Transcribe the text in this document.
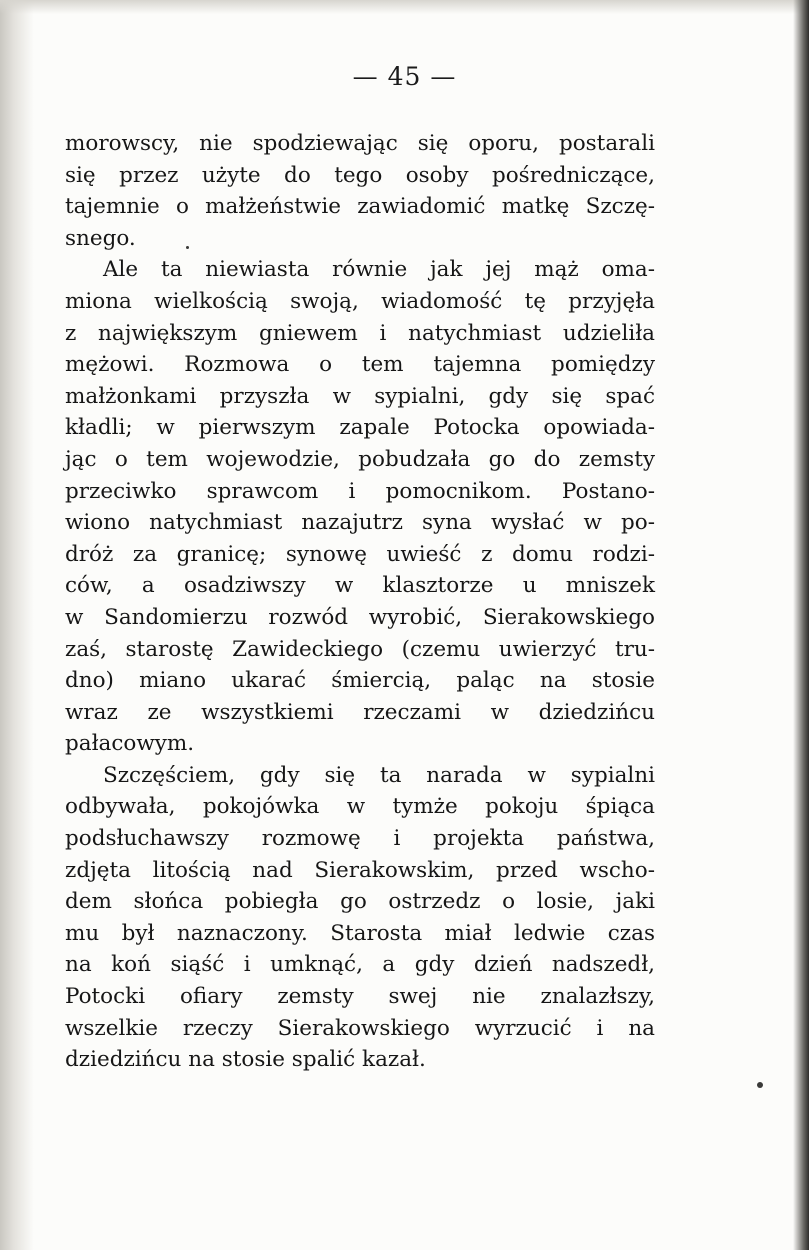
— 45 —
morowscy, nie spodziewając się oporu, postarali
się przez użyte do tego osoby pośredniczące,
tajemnie o małżeństwie zawiadomić matkę Szczę-
snego.
Ale ta niewiasta równie jak jej mąż oma-
miona wielkością swoją, wiadomość tę przyjęła
z największym gniewem i natychmiast udzieliła
mężowi. Rozmowa o tem tajemna pomiędzy
małżonkami przyszła w sypialni, gdy się spać
kładli; w pierwszym zapale Potocka opowiada-
jąc o tem wojewodzie, pobudzała go do zemsty
przeciwko sprawcom i pomocnikom. Postano-
wiono natychmiast nazajutrz syna wysłać w po-
dróż za granicę; synowę uwieść z domu rodzi-
ców, a osadziwszy w klasztorze u mniszek
w Sandomierzu rozwód wyrobić, Sierakowskiego
zaś, starostę Zawideckiego (czemu uwierzyć tru-
dno) miano ukarać śmiercią, paląc na stosie
wraz ze wszystkiemi rzeczami w dziedzińcu
pałacowym.
Szczęściem, gdy się ta narada w sypialni
odbywała, pokojówka w tymże pokoju śpiąca
podsłuchawszy rozmowę i projekta państwa,
zdjęta litością nad Sierakowskim, przed wscho-
dem słońca pobiegła go ostrzedz o losie, jaki
mu był naznaczony. Starosta miał ledwie czas
na koń siąść i umknąć, a gdy dzień nadszedł,
Potocki ofiary zemsty swej nie znalazłszy,
wszelkie rzeczy Sierakowskiego wyrzucić i na
dziedzińcu na stosie spalić kazał.
